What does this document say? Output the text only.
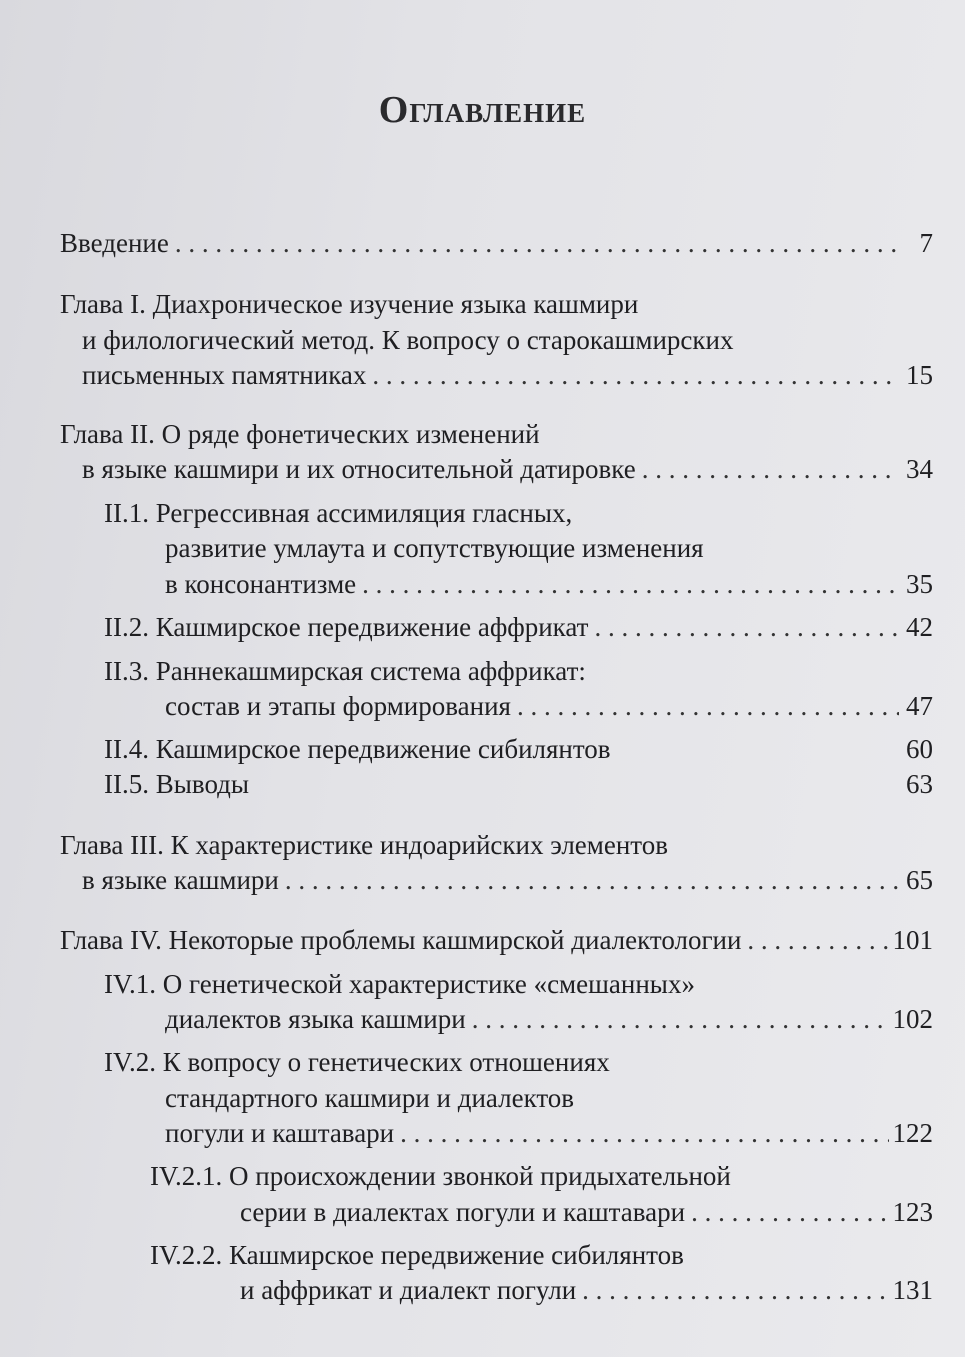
Оглавление
Введение . . .	7
Глава I. Диахроническое изучение языка кашмири
и филологический метод. К вопросу о старокашмирских
письменных памятниках . . .	15
Глава II. О ряде фонетических изменений
в языке кашмири и их относительной датировке . . .	34
II.1. Регрессивная ассимиляция гласных,
развитие умлаута и сопутствующие изменения
в консонантизме . . .	35
II.2. Кашмирское передвижение аффрикат . . .	42
II.3. Раннекашмирская система аффрикат:
состав и этапы формирования . . .	47
II.4. Кашмирское передвижение сибилянтов	60
II.5. Выводы	63
Глава III. К характеристике индоарийских элементов
в языке кашмири . . .	65
Глава IV. Некоторые проблемы кашмирской диалектологии . . .	101
IV.1. О генетической характеристике «смешанных»
диалектов языка кашмири . . .	102
IV.2. К вопросу о генетических отношениях
стандартного кашмири и диалектов
погули и каштавари . . .	122
IV.2.1. О происхождении звонкой придыхательной
серии в диалектах погули и каштавари . . .	123
IV.2.2. Кашмирское передвижение сибилянтов
и аффрикат и диалект погули . . .	131
